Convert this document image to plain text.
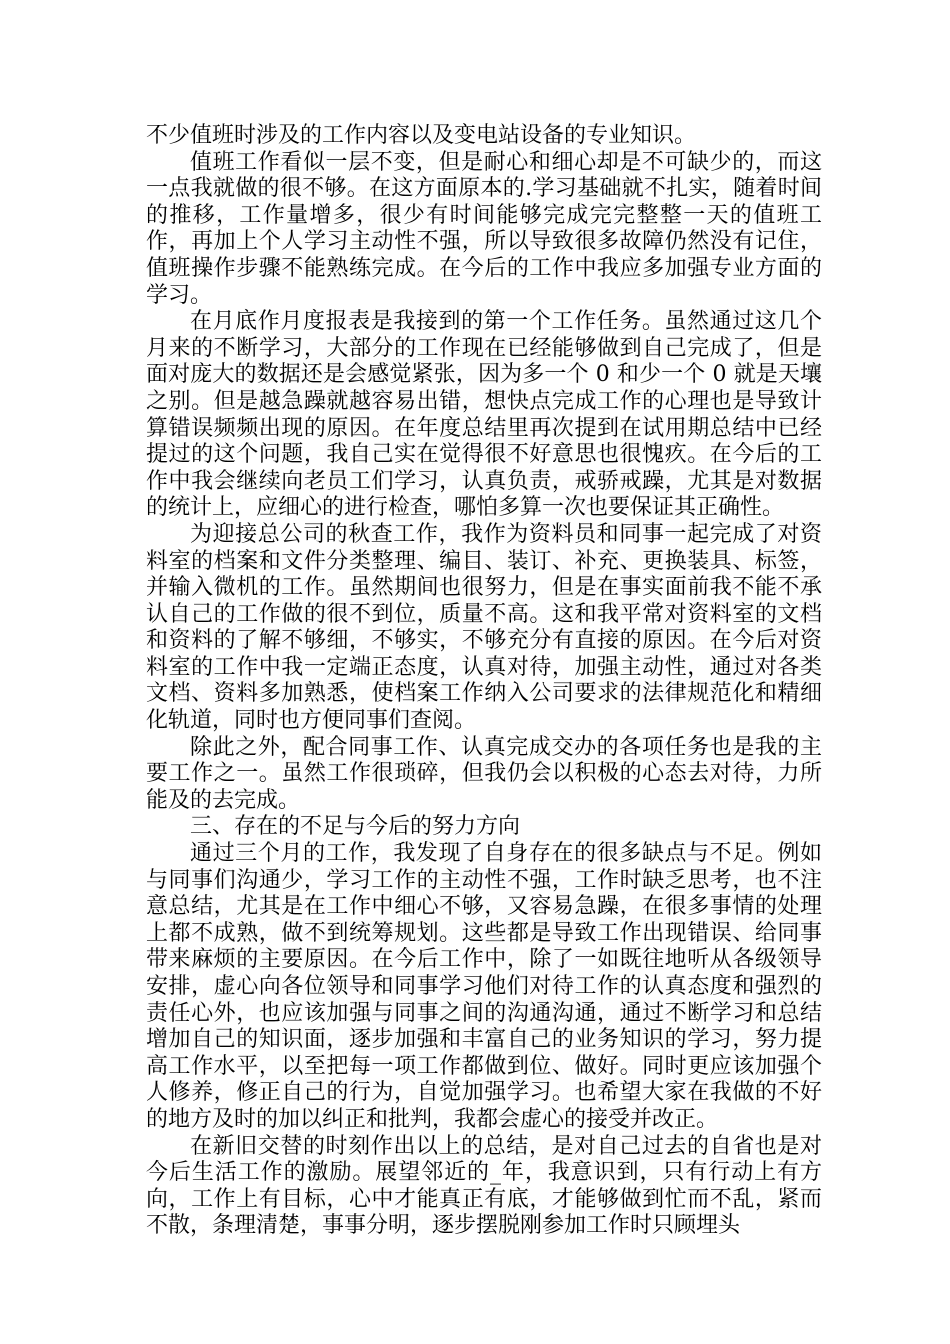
不少值班时涉及的工作内容以及变电站设备的专业知识。

值班工作看似一层不变，但是耐心和细心却是不可缺少的，而这一点我就做的很不够。在这方面原本的.学习基础就不扎实，随着时间的推移，工作量增多，很少有时间能够完成完完整整一天的值班工作，再加上个人学习主动性不强，所以导致很多故障仍然没有记住，值班操作步骤不能熟练完成。在今后的工作中我应多加强专业方面的学习。

在月底作月度报表是我接到的第一个工作任务。虽然通过这几个月来的不断学习，大部分的工作现在已经能够做到自己完成了，但是面对庞大的数据还是会感觉紧张，因为多一个 0 和少一个 0 就是天壤之别。但是越急躁就越容易出错，想快点完成工作的心理也是导致计算错误频频出现的原因。在年度总结里再次提到在试用期总结中已经提过的这个问题，我自己实在觉得很不好意思也很愧疚。在今后的工作中我会继续向老员工们学习，认真负责，戒骄戒躁，尤其是对数据的统计上，应细心的进行检查，哪怕多算一次也要保证其正确性。

为迎接总公司的秋查工作，我作为资料员和同事一起完成了对资料室的档案和文件分类整理、编目、装订、补充、更换装具、标签，并输入微机的工作。虽然期间也很努力，但是在事实面前我不能不承认自己的工作做的很不到位，质量不高。这和我平常对资料室的文档和资料的了解不够细，不够实，不够充分有直接的原因。在今后对资料室的工作中我一定端正态度，认真对待，加强主动性，通过对各类文档、资料多加熟悉，使档案工作纳入公司要求的法律规范化和精细化轨道，同时也方便同事们查阅。

除此之外，配合同事工作、认真完成交办的各项任务也是我的主要工作之一。虽然工作很琐碎，但我仍会以积极的心态去对待，力所能及的去完成。

三、存在的不足与今后的努力方向

通过三个月的工作，我发现了自身存在的很多缺点与不足。例如与同事们沟通少，学习工作的主动性不强，工作时缺乏思考，也不注意总结，尤其是在工作中细心不够，又容易急躁，在很多事情的处理上都不成熟，做不到统筹规划。这些都是导致工作出现错误、给同事带来麻烦的主要原因。在今后工作中，除了一如既往地听从各级领导安排，虚心向各位领导和同事学习他们对待工作的认真态度和强烈的责任心外，也应该加强与同事之间的沟通沟通，通过不断学习和总结增加自己的知识面，逐步加强和丰富自己的业务知识的学习，努力提高工作水平，以至把每一项工作都做到位、做好。同时更应该加强个人修养，修正自己的行为，自觉加强学习。也希望大家在我做的不好的地方及时的加以纠正和批判，我都会虚心的接受并改正。

在新旧交替的时刻作出以上的总结，是对自己过去的自省也是对今后生活工作的激励。展望邻近的_年，我意识到，只有行动上有方向，工作上有目标，心中才能真正有底，才能够做到忙而不乱，紧而不散，条理清楚，事事分明，逐步摆脱刚参加工作时只顾埋头
